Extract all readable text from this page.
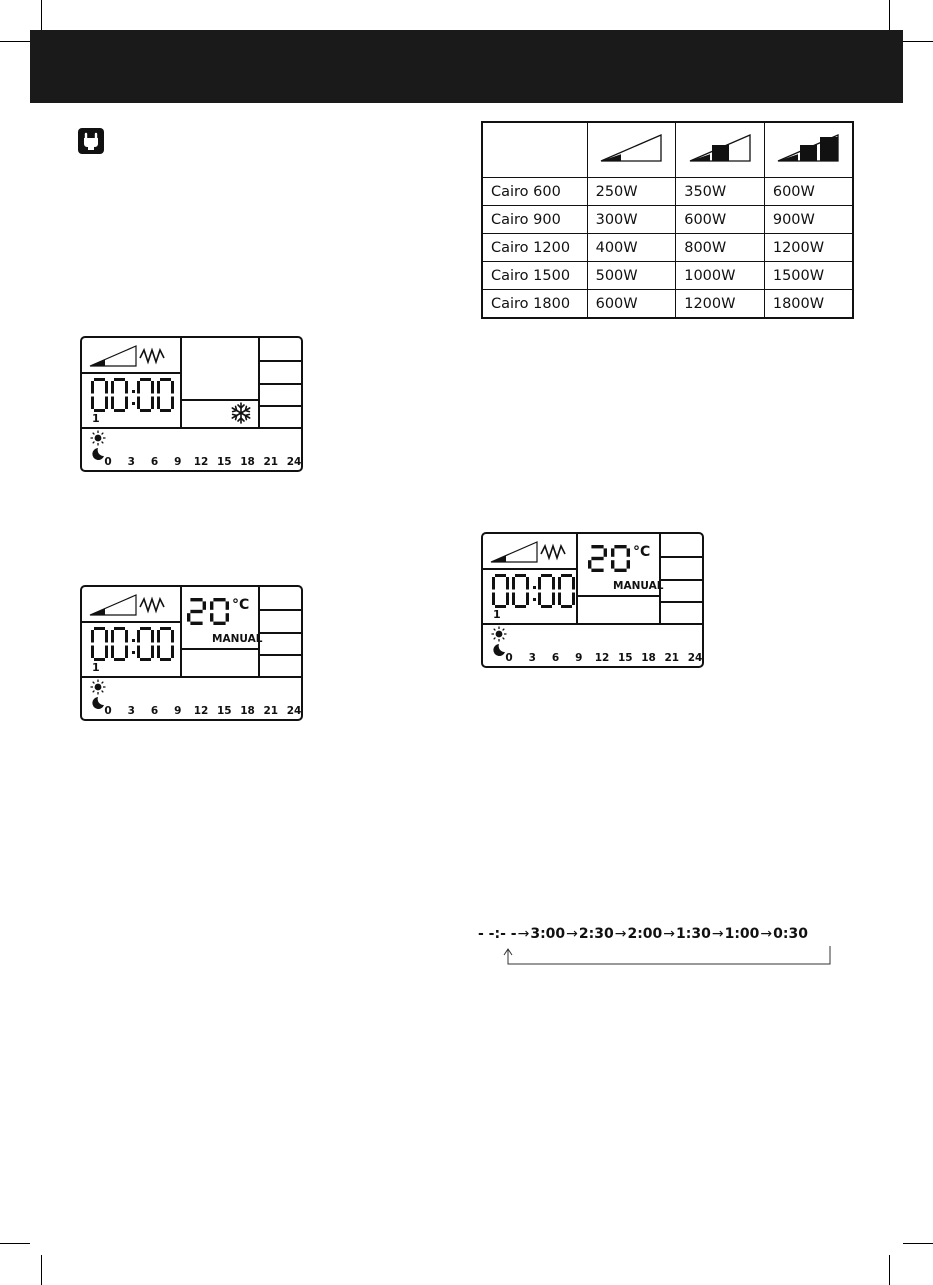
Cairo 600	250W	350W	600W
Cairo 900	300W	600W	900W
Cairo 1200	400W	800W	1200W
Cairo 1500	500W	1000W	1500W
Cairo 1800	600W	1200W	1800W
1
0 3 6 9 12 15 18 21 24
1
°C
MANUAL
0 3 6 9 12 15 18 21 24
1
°C
MANUAL
0 3 6 9 12 15 18 21 24
- -:- -→3:00→2:30→2:00→1:30→1:00→0:30
